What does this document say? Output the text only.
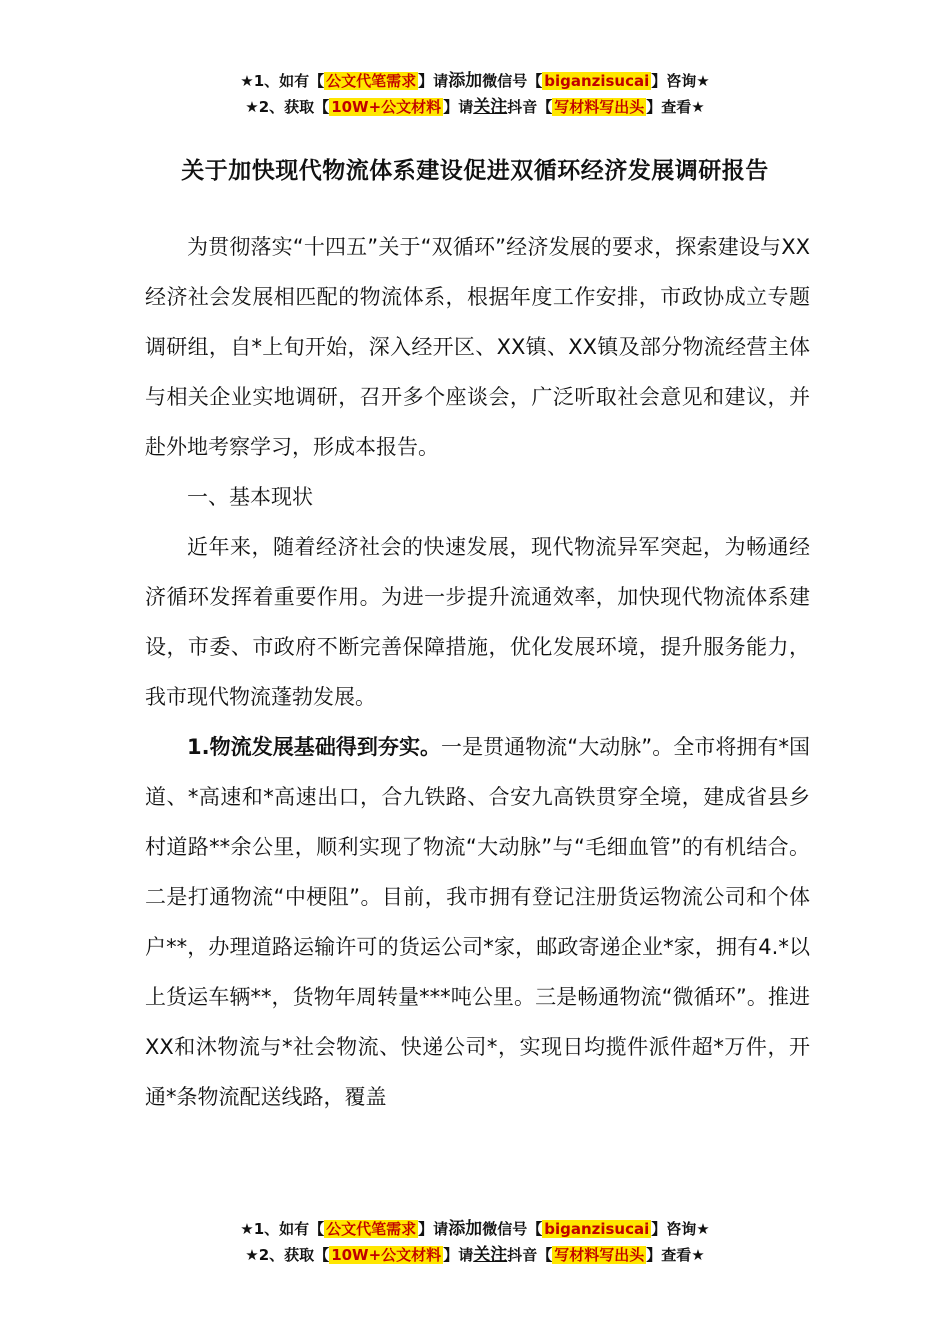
★1、如有【 公文代笔需求 】请添加微信号【 biganzisucai 】咨询★
★2、获取【 10W+公文材料 】请关注抖音【 写材料写出头 】查看★
关于加快现代物流体系建设促进双循环经济发展调研报告

为贯彻落实“十四五”关于“双循环”经济发展的要求，探索建设与XX经济社会发展相匹配的物流体系，根据年度工作安排，市政协成立专题调研组，自*上旬开始，深入经开区、XX镇、XX镇及部分物流经营主体与相关企业实地调研，召开多个座谈会，广泛听取社会意见和建议，并赴外地考察学习，形成本报告。

一、基本现状

近年来，随着经济社会的快速发展，现代物流异军突起，为畅通经济循环发挥着重要作用。为进一步提升流通效率，加快现代物流体系建设，市委、市政府不断完善保障措施，优化发展环境，提升服务能力，我市现代物流蓬勃发展。

1.物流发展基础得到夯实。一是贯通物流“大动脉”。全市将拥有*国道、*高速和*高速出口，合九铁路、合安九高铁贯穿全境，建成省县乡村道路**余公里，顺利实现了物流“大动脉”与“毛细血管”的有机结合。二是打通物流“中梗阻”。目前，我市拥有登记注册货运物流公司和个体户**，办理道路运输许可的货运公司*家，邮政寄递企业*家，拥有4.*以上货运车辆**，货物年周转量***吨公里。三是畅通物流“微循环”。推进XX和沐物流与*社会物流、快递公司*，实现日均揽件派件超*万件，开通*条物流配送线路，覆盖

★1、如有【 公文代笔需求 】请添加微信号【 biganzisucai 】咨询★
★2、获取【 10W+公文材料 】请关注抖音【 写材料写出头 】查看★
